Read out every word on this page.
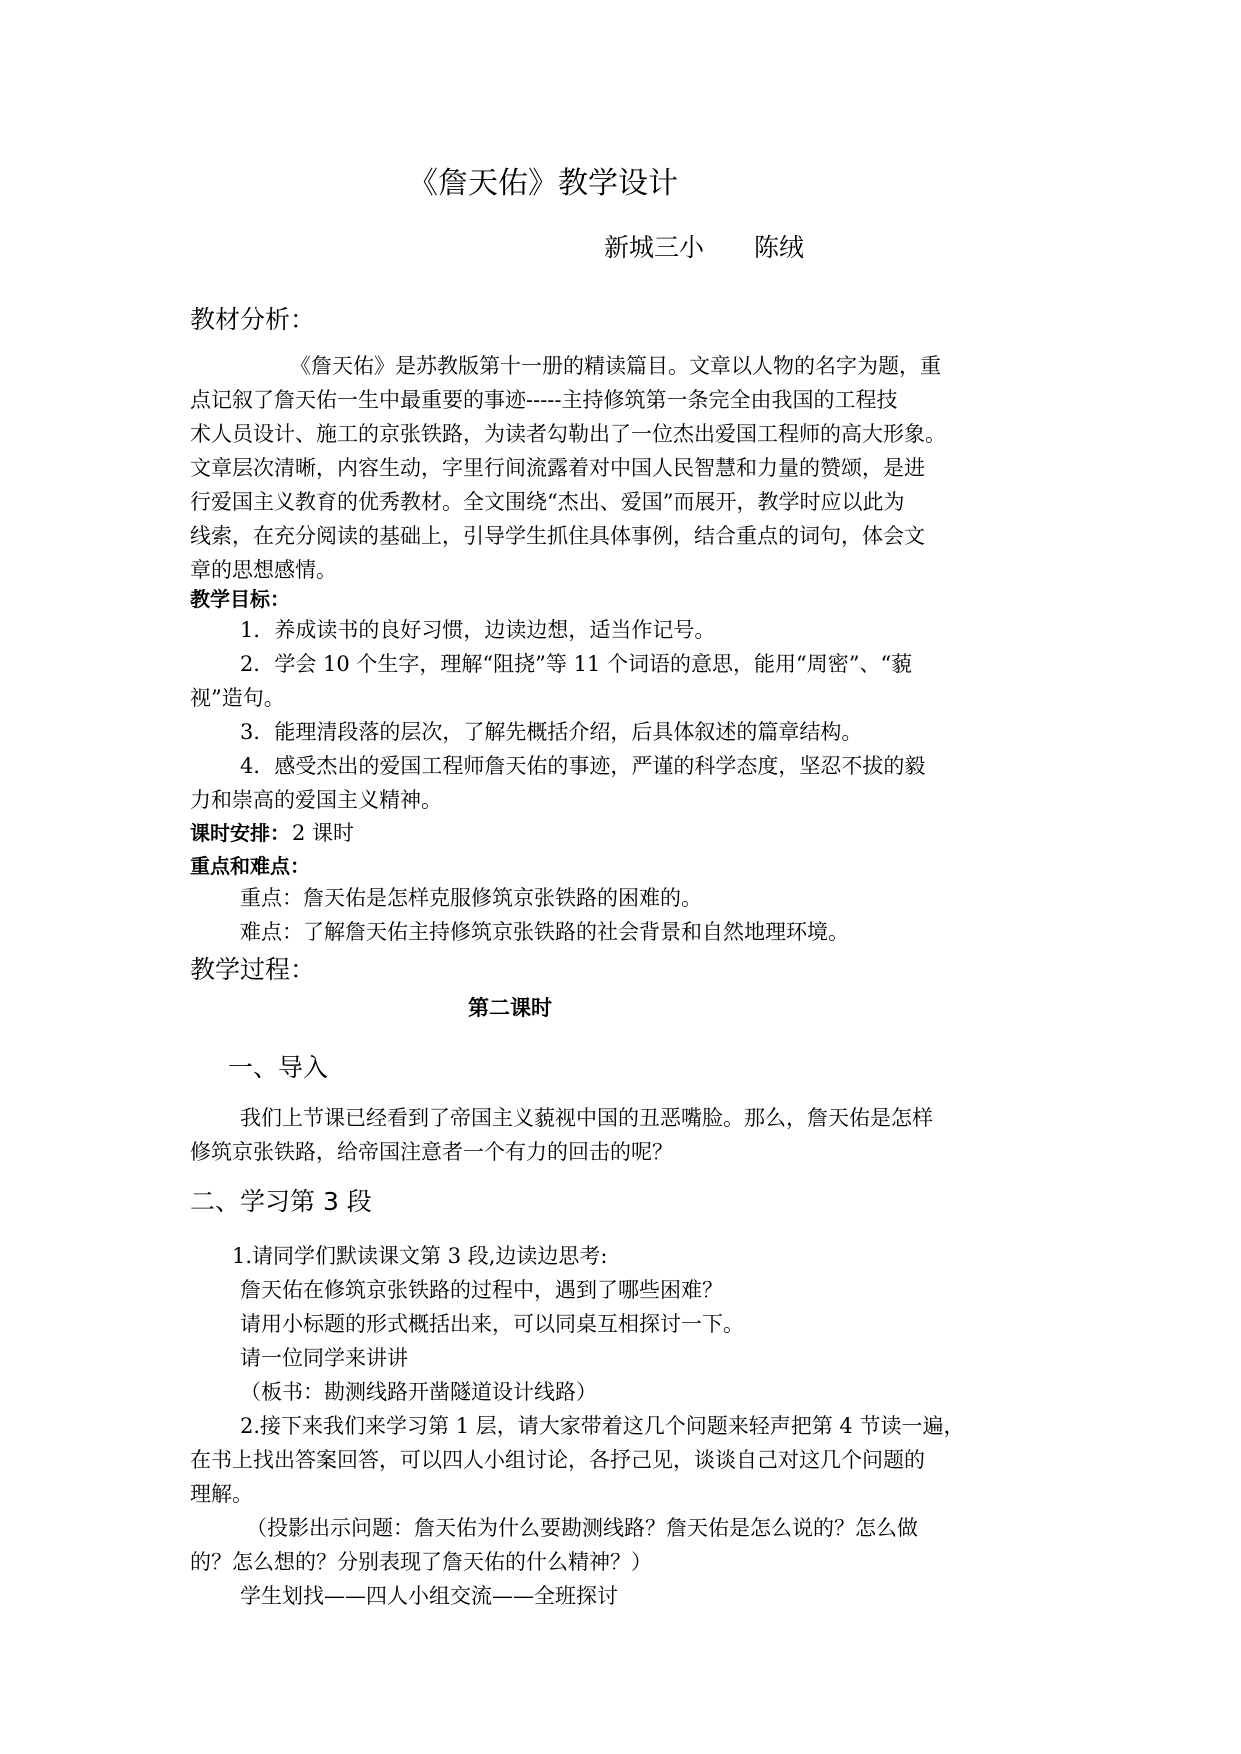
《詹天佑》教学设计
新城三小　　陈绒
教材分析：
《詹天佑》是苏教版第十一册的精读篇目。文章以人物的名字为题，重
点记叙了詹天佑一生中最重要的事迹-----主持修筑第一条完全由我国的工程技
术人员设计、施工的京张铁路，为读者勾勒出了一位杰出爱国工程师的高大形象。
文章层次清晰，内容生动，字里行间流露着对中国人民智慧和力量的赞颂，是进
行爱国主义教育的优秀教材。全文围绕“杰出、爱国”而展开，教学时应以此为
线索，在充分阅读的基础上，引导学生抓住具体事例，结合重点的词句，体会文
章的思想感情。
教学目标：
1．养成读书的良好习惯，边读边想，适当作记号。
2．学会 10 个生字，理解“阻挠”等 11 个词语的意思，能用“周密”、“藐
视”造句。
3．能理清段落的层次，了解先概括介绍，后具体叙述的篇章结构。
4．感受杰出的爱国工程师詹天佑的事迹，严谨的科学态度，坚忍不拔的毅
力和崇高的爱国主义精神。
课时安排： 2 课时
重点和难点：
重点：詹天佑是怎样克服修筑京张铁路的困难的。
难点：了解詹天佑主持修筑京张铁路的社会背景和自然地理环境。
教学过程：
第二课时
一、导入
我们上节课已经看到了帝国主义藐视中国的丑恶嘴脸。那么，詹天佑是怎样
修筑京张铁路，给帝国注意者一个有力的回击的呢？
二、学习第 3 段
1.请同学们默读课文第 3 段,边读边思考:
詹天佑在修筑京张铁路的过程中，遇到了哪些困难？
请用小标题的形式概括出来，可以同桌互相探讨一下。
请一位同学来讲讲
（板书：勘测线路开凿隧道设计线路）
2.接下来我们来学习第 1 层，请大家带着这几个问题来轻声把第 4 节读一遍，
在书上找出答案回答，可以四人小组讨论，各抒己见，谈谈自己对这几个问题的
理解。
（投影出示问题：詹天佑为什么要勘测线路？詹天佑是怎么说的？怎么做
的？怎么想的？分别表现了詹天佑的什么精神？）
学生划找——四人小组交流——全班探讨
